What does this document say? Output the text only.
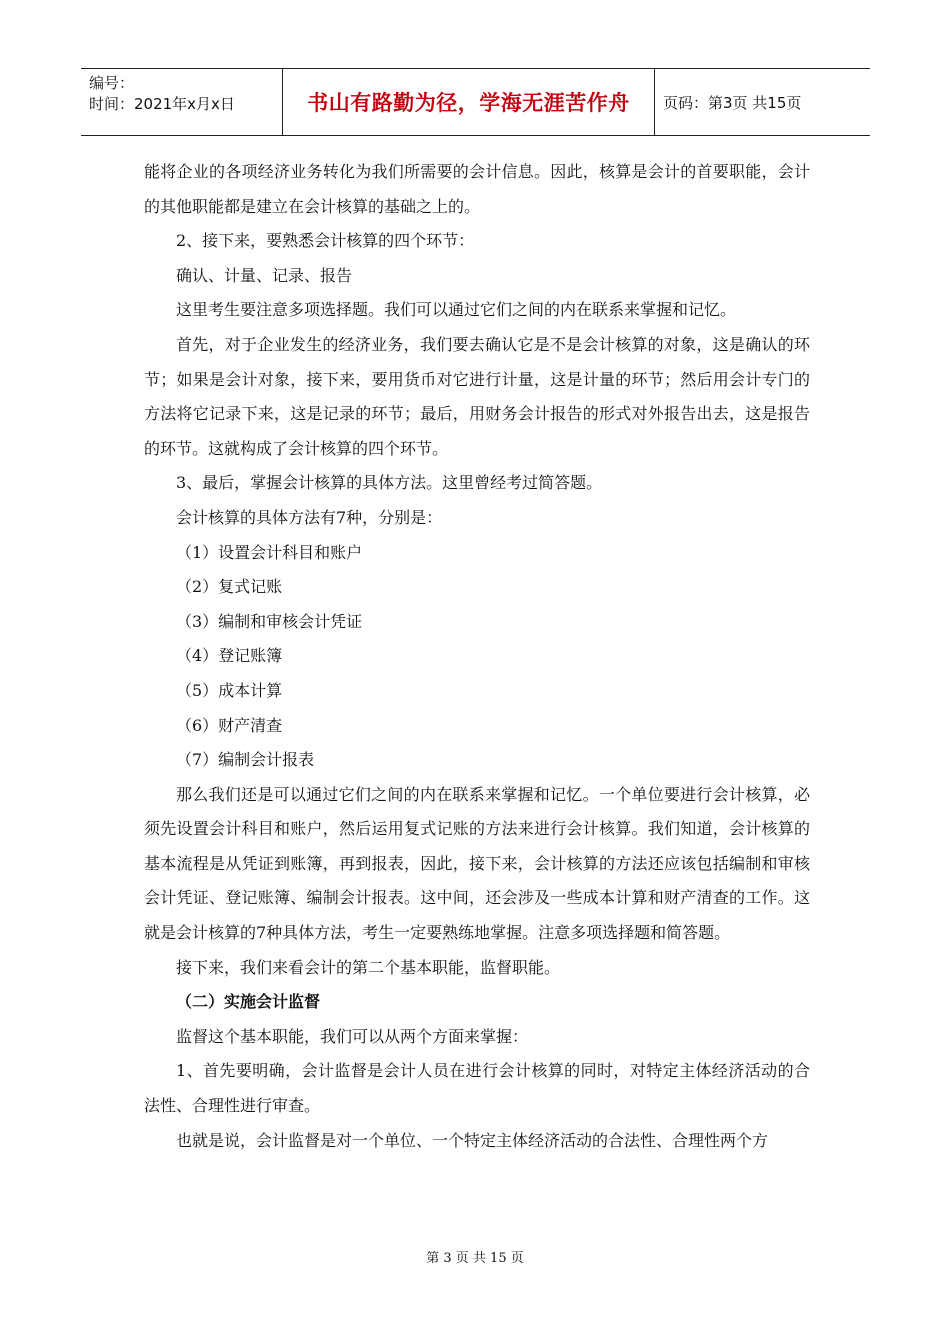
编号：
时间：2021年x月x日	书山有路勤为径，学海无涯苦作舟 页码：第3页 共15页

能将企业的各项经济业务转化为我们所需要的会计信息。因此，核算是会计的首要职能，会计的其他职能都是建立在会计核算的基础之上的。

2、接下来，要熟悉会计核算的四个环节：

确认、计量、记录、报告

这里考生要注意多项选择题。我们可以通过它们之间的内在联系来掌握和记忆。

首先，对于企业发生的经济业务，我们要去确认它是不是会计核算的对象，这是确认的环节；如果是会计对象，接下来，要用货币对它进行计量，这是计量的环节；然后用会计专门的方法将它记录下来，这是记录的环节；最后，用财务会计报告的形式对外报告出去，这是报告的环节。这就构成了会计核算的四个环节。

3、最后，掌握会计核算的具体方法。这里曾经考过简答题。

会计核算的具体方法有7种，分别是：

（1）设置会计科目和账户

（2）复式记账

（3）编制和审核会计凭证

（4）登记账簿

（5）成本计算

（6）财产清查

（7）编制会计报表

那么我们还是可以通过它们之间的内在联系来掌握和记忆。一个单位要进行会计核算，必须先设置会计科目和账户，然后运用复式记账的方法来进行会计核算。我们知道，会计核算的基本流程是从凭证到账簿，再到报表，因此，接下来，会计核算的方法还应该包括编制和审核会计凭证、登记账簿、编制会计报表。这中间，还会涉及一些成本计算和财产清查的工作。这就是会计核算的7种具体方法，考生一定要熟练地掌握。注意多项选择题和简答题。

接下来，我们来看会计的第二个基本职能，监督职能。

（二）实施会计监督

监督这个基本职能，我们可以从两个方面来掌握：

1、首先要明确，会计监督是会计人员在进行会计核算的同时，对特定主体经济活动的合法性、合理性进行审查。

也就是说，会计监督是对一个单位、一个特定主体经济活动的合法性、合理性两个方

第 3 页 共 15 页
